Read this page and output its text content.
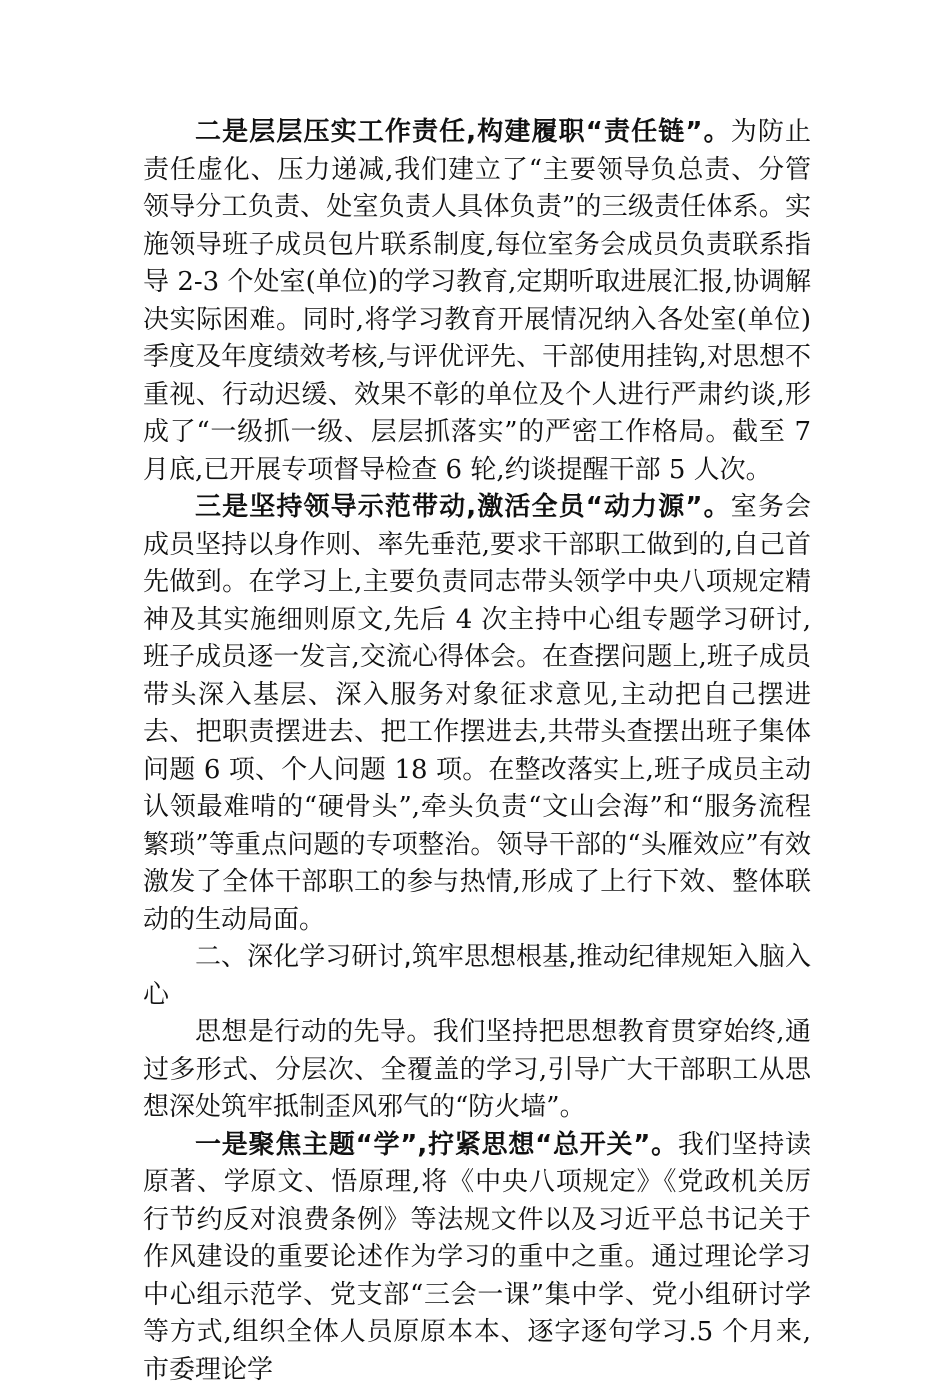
二是层层压实工作责任,构建履职“责任链”。为防止责任虚化、压力递减,我们建立了“主要领导负总责、分管领导分工负责、处室负责人具体负责”的三级责任体系。实施领导班子成员包片联系制度,每位室务会成员负责联系指导 2-3 个处室(单位)的学习教育,定期听取进展汇报,协调解决实际困难。同时,将学习教育开展情况纳入各处室(单位)季度及年度绩效考核,与评优评先、干部使用挂钩,对思想不重视、行动迟缓、效果不彰的单位及个人进行严肃约谈,形成了“一级抓一级、层层抓落实”的严密工作格局。截至 7 月底,已开展专项督导检查 6 轮,约谈提醒干部 5 人次。

三是坚持领导示范带动,激活全员“动力源”。室务会成员坚持以身作则、率先垂范,要求干部职工做到的,自己首先做到。在学习上,主要负责同志带头领学中央八项规定精神及其实施细则原文,先后 4 次主持中心组专题学习研讨,班子成员逐一发言,交流心得体会。在查摆问题上,班子成员带头深入基层、深入服务对象征求意见,主动把自己摆进去、把职责摆进去、把工作摆进去,共带头查摆出班子集体问题 6 项、个人问题 18 项。在整改落实上,班子成员主动认领最难啃的“硬骨头”,牵头负责“文山会海”和“服务流程繁琐”等重点问题的专项整治。领导干部的“头雁效应”有效激发了全体干部职工的参与热情,形成了上行下效、整体联动的生动局面。

二、深化学习研讨,筑牢思想根基,推动纪律规矩入脑入心

思想是行动的先导。我们坚持把思想教育贯穿始终,通过多形式、分层次、全覆盖的学习,引导广大干部职工从思想深处筑牢抵制歪风邪气的“防火墙”。

一是聚焦主题“学”,拧紧思想“总开关”。我们坚持读原著、学原文、悟原理,将《中央八项规定》《党政机关厉行节约反对浪费条例》等法规文件以及习近平总书记关于作风建设的重要论述作为学习的重中之重。通过理论学习中心组示范学、党支部“三会一课”集中学、党小组研讨学等方式,组织全体人员原原本本、逐字逐句学习.5 个月来,市委理论学
